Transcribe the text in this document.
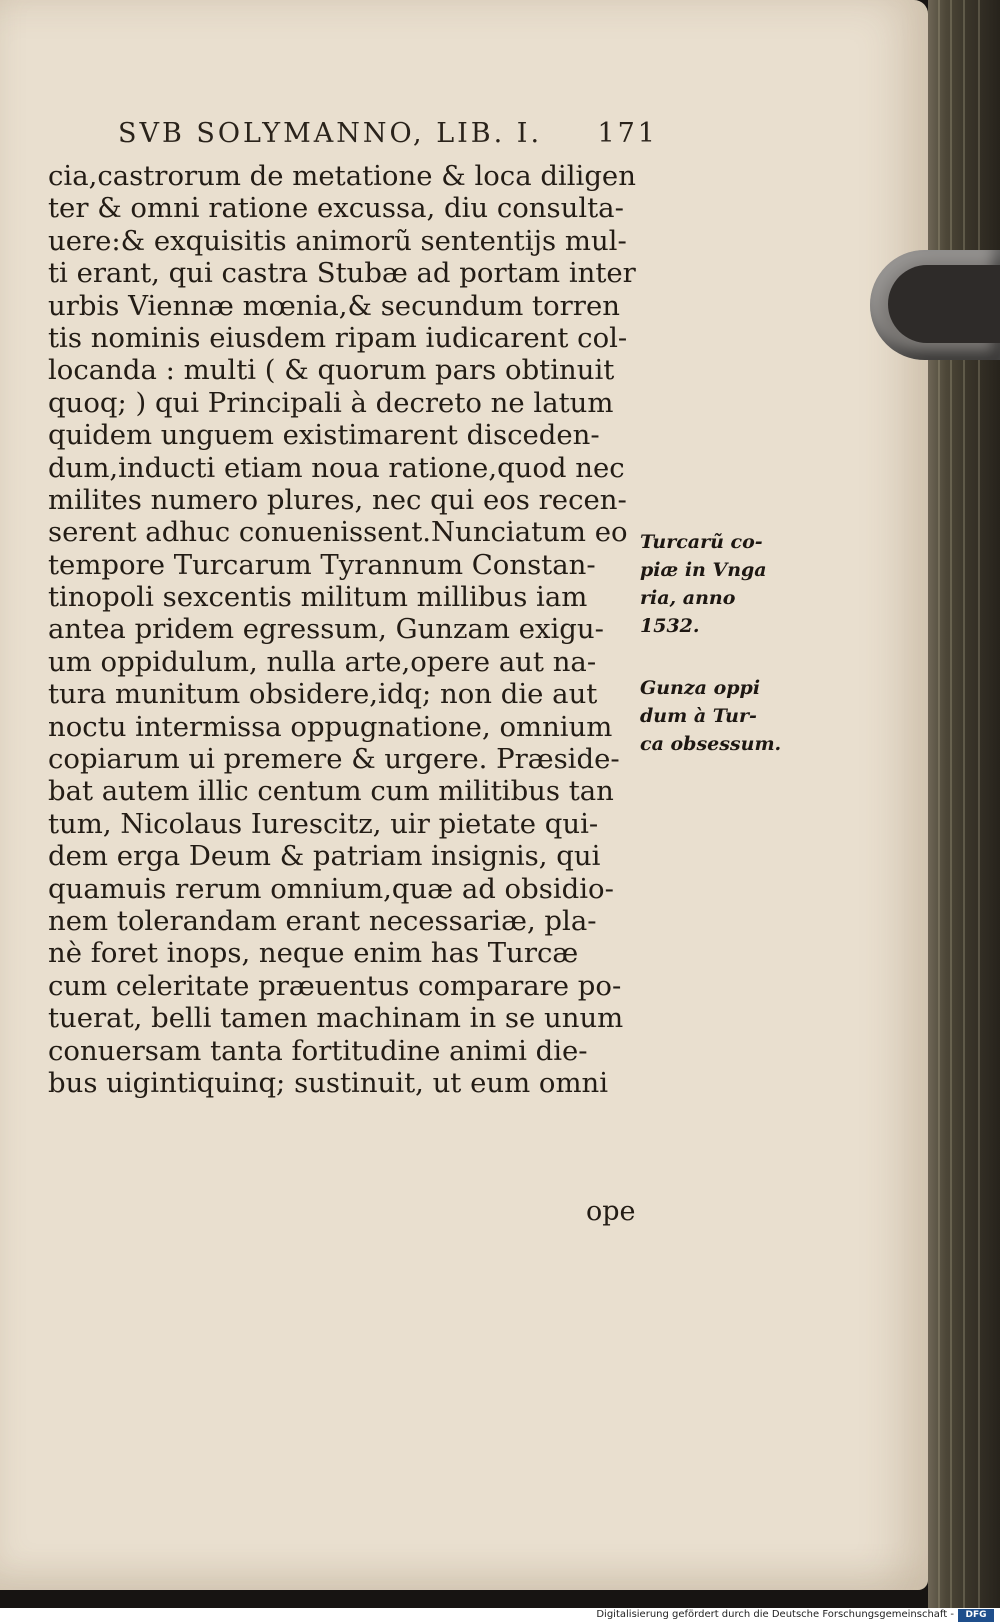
SVB SOLYMANNO, LIB. I. 171
cia,castrorum de metatione & loca diligen
ter & omni ratione excussa, diu consulta-
uere:& exquisitis animorũ sententijs mul-
ti erant, qui castra Stubæ ad portam inter
urbis Viennæ mœnia,& secundum torren
tis nominis eiusdem ripam iudicarent col-
locanda : multi ( & quorum pars obtinuit
quoq; ) qui Principali à decreto ne latum
quidem unguem existimarent disceden-
dum,inducti etiam noua ratione,quod nec
milites numero plures, nec qui eos recen-
serent adhuc conuenissent.Nunciatum eo
tempore Turcarum Tyrannum Constan-
tinopoli sexcentis militum millibus iam
antea pridem egressum, Gunzam exigu-
um oppidulum, nulla arte,opere aut na-
tura munitum obsidere,idq; non die aut
noctu intermissa oppugnatione, omnium
copiarum ui premere & urgere. Præside-
bat autem illic centum cum militibus tan
tum, Nicolaus Iurescitz, uir pietate qui-
dem erga Deum & patriam insignis, qui
quamuis rerum omnium,quæ ad obsidio-
nem tolerandam erant necessariæ, pla-
nè foret inops, neque enim has Turcæ
cum celeritate præuentus comparare po-
tuerat, belli tamen machinam in se unum
conuersam tanta fortitudine animi die-
bus uigintiquinq; sustinuit, ut eum omni
ope
Turcarũ co-
piæ in Vnga
ria, anno
1532.
Gunza oppi
dum à Tur-
ca obsessum.
Digitalisierung gefördert durch die Deutsche Forschungsgemeinschaft -	DFG
